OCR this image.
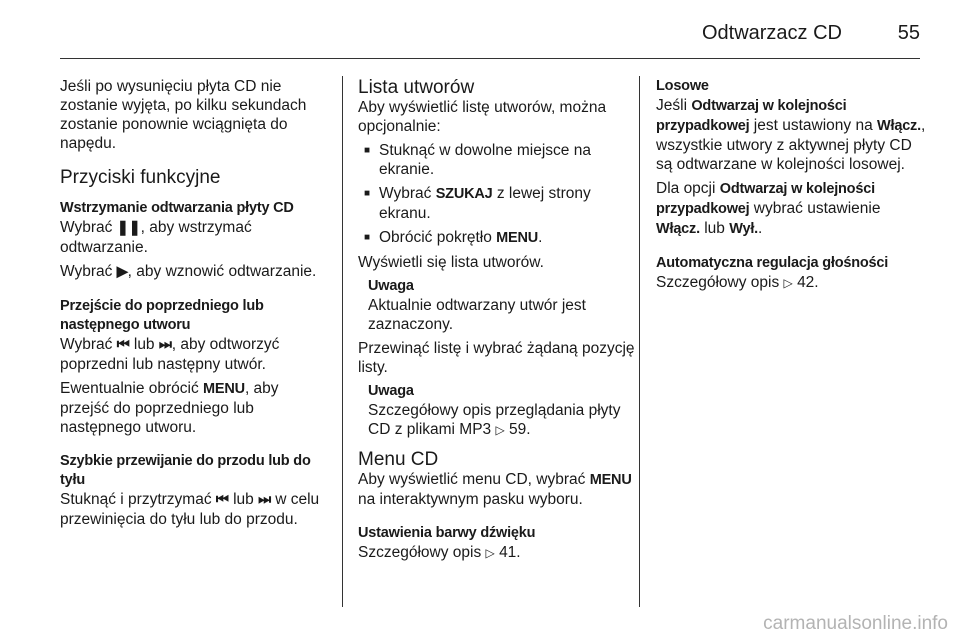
Odtwarzacz CD	55

Jeśli po wysunięciu płyta CD nie zostanie wyjęta, po kilku sekundach zostanie ponownie wciągnięta do napędu.

Przyciski funkcyjne
Wstrzymanie odtwarzania płyty CD

Wybrać ❚❚, aby wstrzymać odtwarzanie.

Wybrać ▶, aby wznowić odtwarzanie.

Przejście do poprzedniego lub następnego utworu

Wybrać ⏮ lub ⏭, aby odtworzyć poprzedni lub następny utwór.

Ewentualnie obrócić MENU, aby przejść do poprzedniego lub następnego utworu.

Szybkie przewijanie do przodu lub do tyłu

Stuknąć i przytrzymać ⏮ lub ⏭ w celu przewinięcia do tyłu lub do przodu.

Lista utworów

Aby wyświetlić listę utworów, można opcjonalnie:

■ Stuknąć w dowolne miejsce na ekranie.
■ Wybrać SZUKAJ z lewej strony ekranu.
■ Obrócić pokrętło MENU.

Wyświetli się lista utworów.

Uwaga
Aktualnie odtwarzany utwór jest zaznaczony.

Przewinąć listę i wybrać żądaną pozycję listy.

Uwaga
Szczegółowy opis przeglądania płyty CD z plikami MP3 ▷ 59.
Menu CD

Aby wyświetlić menu CD, wybrać MENU na interaktywnym pasku wyboru.

Ustawienia barwy dźwięku

Szczegółowy opis ▷ 41.

Losowe

Jeśli Odtwarzaj w kolejności przypadkowej jest ustawiony na Włącz., wszystkie utwory z aktywnej płyty CD są odtwarzane w kolejności losowej.

Dla opcji Odtwarzaj w kolejności przypadkowej wybrać ustawienie Włącz. lub Wył..

Automatyczna regulacja głośności

Szczegółowy opis ▷ 42.

carmanualsonline.info
